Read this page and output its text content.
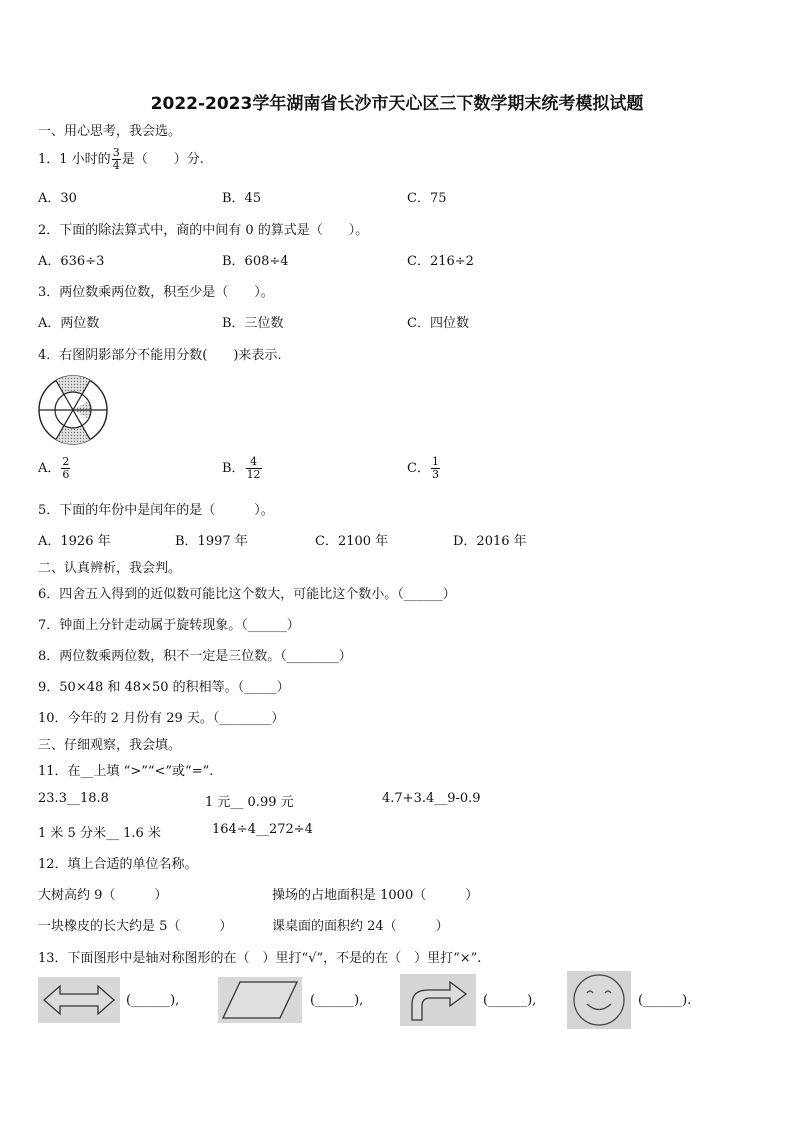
2022-2023学年湖南省长沙市天心区三下数学期末统考模拟试题
一、用心思考，我会选。
1．1 小时的 $\frac{3}{4}$ 是（　　）分.
A．30	B．45	C．75
2．下面的除法算式中，商的中间有 0 的算式是（　　）。
A．636÷3	B．608÷4	C．216÷2
3．两位数乘两位数，积至少是（　　）。
A．两位数	B．三位数	C．四位数
4．右图阴影部分不能用分数(　　)来表示.
A． $\frac{2}{6}$	B． $\frac{4}{12}$	C． $\frac{1}{3}$
5．下面的年份中是闰年的是（　　　）。
A．1926 年	B．1997 年	C．2100 年	D．2016 年
二、认真辨析，我会判。
6．四舍五入得到的近似数可能比这个数大，可能比这个数小。（______）
7．钟面上分针走动属于旋转现象。（______）
8．两位数乘两位数，积不一定是三位数。（________）
9．50×48 和 48×50 的积相等。（_____）
10．今年的 2 月份有 29 天。（________）
三、仔细观察，我会填。
11．在__上填 “>”“<”或“=”.
23.3__18.8	1 元__ 0.99 元	4.7+3.4__9-0.9
1 米 5 分米__ 1.6 米	164÷4__272÷4
12．填上合适的单位名称。
大树高约 9（　　　）	操场的占地面积是 1000（　　　）
一块橡皮的长大约是 5（　　　）	课桌面的面积约 24（　　　）
13．下面图形中是轴对称图形的在（　）里打“√”，不是的在（　）里打“×”.
(______),	(______),	(______),	(______).
